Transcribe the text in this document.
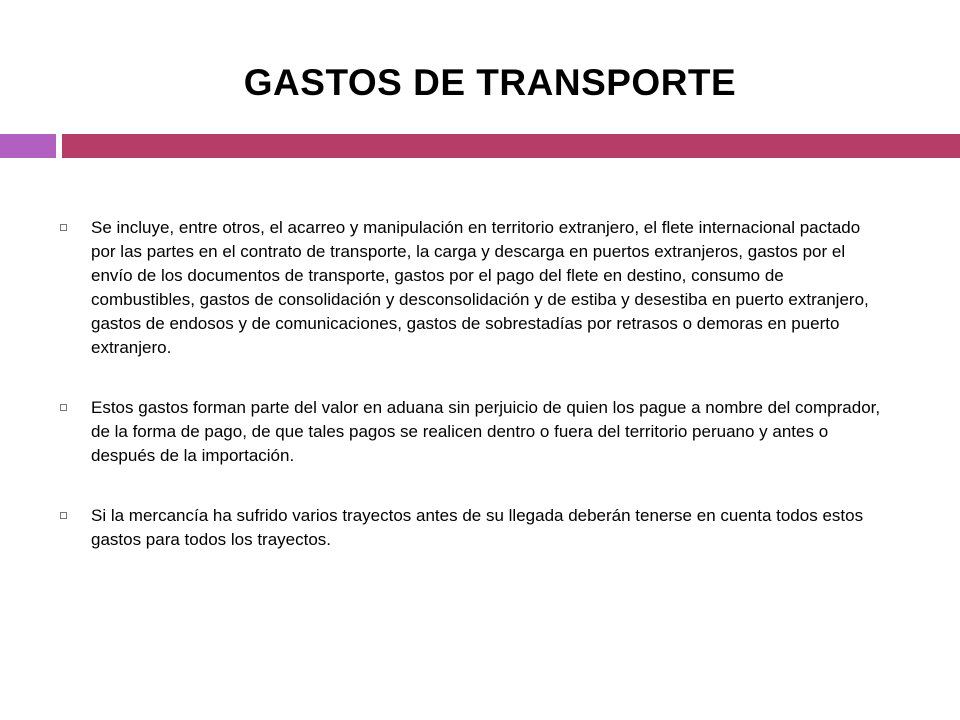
GASTOS DE TRANSPORTE
Se incluye, entre otros, el acarreo y manipulación en territorio extranjero, el flete internacional pactado por las partes en el contrato de transporte, la carga y descarga en puertos extranjeros, gastos por el envío de los documentos de transporte, gastos por el pago del flete en destino, consumo de combustibles, gastos de consolidación y desconsolidación y de estiba y desestiba en puerto extranjero, gastos de endosos y de comunicaciones, gastos de sobrestadías por retrasos o demoras en puerto extranjero.
Estos gastos forman parte del valor en aduana sin perjuicio de quien los pague a nombre del comprador, de la forma de pago, de que tales pagos se realicen dentro o fuera del territorio peruano y antes o después de la importación.
Si la mercancía ha sufrido varios trayectos antes de su llegada deberán tenerse en cuenta todos estos gastos para todos los trayectos.
